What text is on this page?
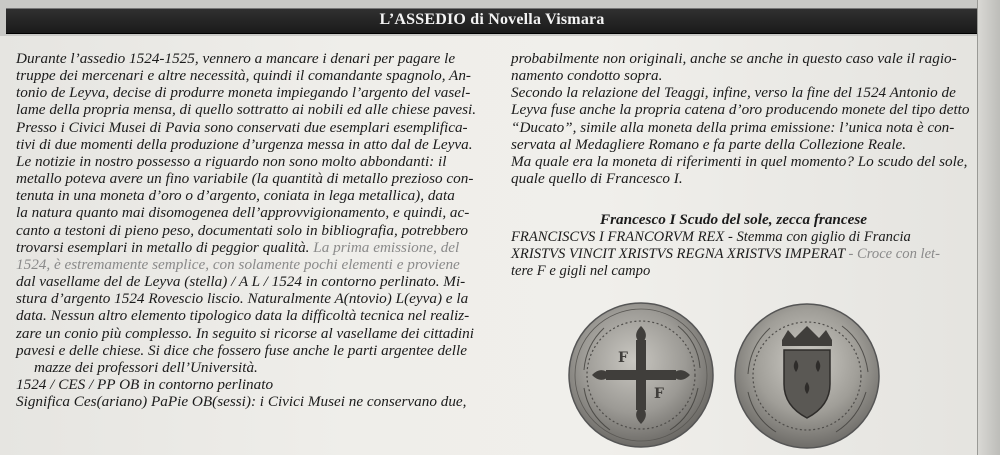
L’ASSEDIO di Novella Vismara
Durante l’assedio 1524-1525, vennero a mancare i denari per pagare le
truppe dei mercenari e altre necessità, quindi il comandante spagnolo, An-
tonio de Leyva, decise di produrre moneta impiegando l’argento del vasel-
lame della propria mensa, di quello sottratto ai nobili ed alle chiese pavesi.
Presso i Civici Musei di Pavia sono conservati due esemplari esemplifica-
tivi di due momenti della produzione d’urgenza messa in atto dal de Leyva.
Le notizie in nostro possesso a riguardo non sono molto abbondanti: il
metallo poteva avere un fino variabile (la quantità di metallo prezioso con-
tenuta in una moneta d’oro o d’argento, coniata in lega metallica), data
la natura quanto mai disomogenea dell’approvvigionamento, e quindi, ac-
canto a testoni di pieno peso, documentati solo in bibliografia, potrebbero
trovarsi esemplari in metallo di peggior qualità. La prima emissione, del
1524, è estremamente semplice, con solamente pochi elementi e proviene
dal vasellame del de Leyva (stella) / A L / 1524 in contorno perlinato. Mi-
stura d’argento 1524 Rovescio liscio. Naturalmente A(ntovio) L(eyva) e la
data. Nessun altro elemento tipologico data la difficoltà tecnica nel realiz-
zare un conio più complesso. In seguito si ricorse al vasellame dei cittadini
pavesi e delle chiese. Si dice che fossero fuse anche le parti argentee delle
mazze dei professori dell’Università.
1524 / CES / PP OB in contorno perlinato
Significa Ces(ariano) PaPie OB(sessi): i Civici Musei ne conservano due,
probabilmente non originali, anche se anche in questo caso vale il ragio-
namento condotto sopra.
Secondo la relazione del Teaggi, infine, verso la fine del 1524 Antonio de
Leyva fuse anche la propria catena d’oro producendo monete del tipo detto
“Ducato”, simile alla moneta della prima emissione: l’unica nota è con-
servata al Medagliere Romano e fa parte della Collezione Reale.
Ma quale era la moneta di riferimenti in quel momento? Lo scudo del sole,
quale quello di Francesco I.
Francesco I Scudo del sole, zecca francese
FRANCISCVS I FRANCORVM REX - Stemma con giglio di Francia
XRISTVS VINCIT XRISTVS REGNA XRISTVS IMPERAT - Croce con let-
tere F e gigli nel campo
F
F
